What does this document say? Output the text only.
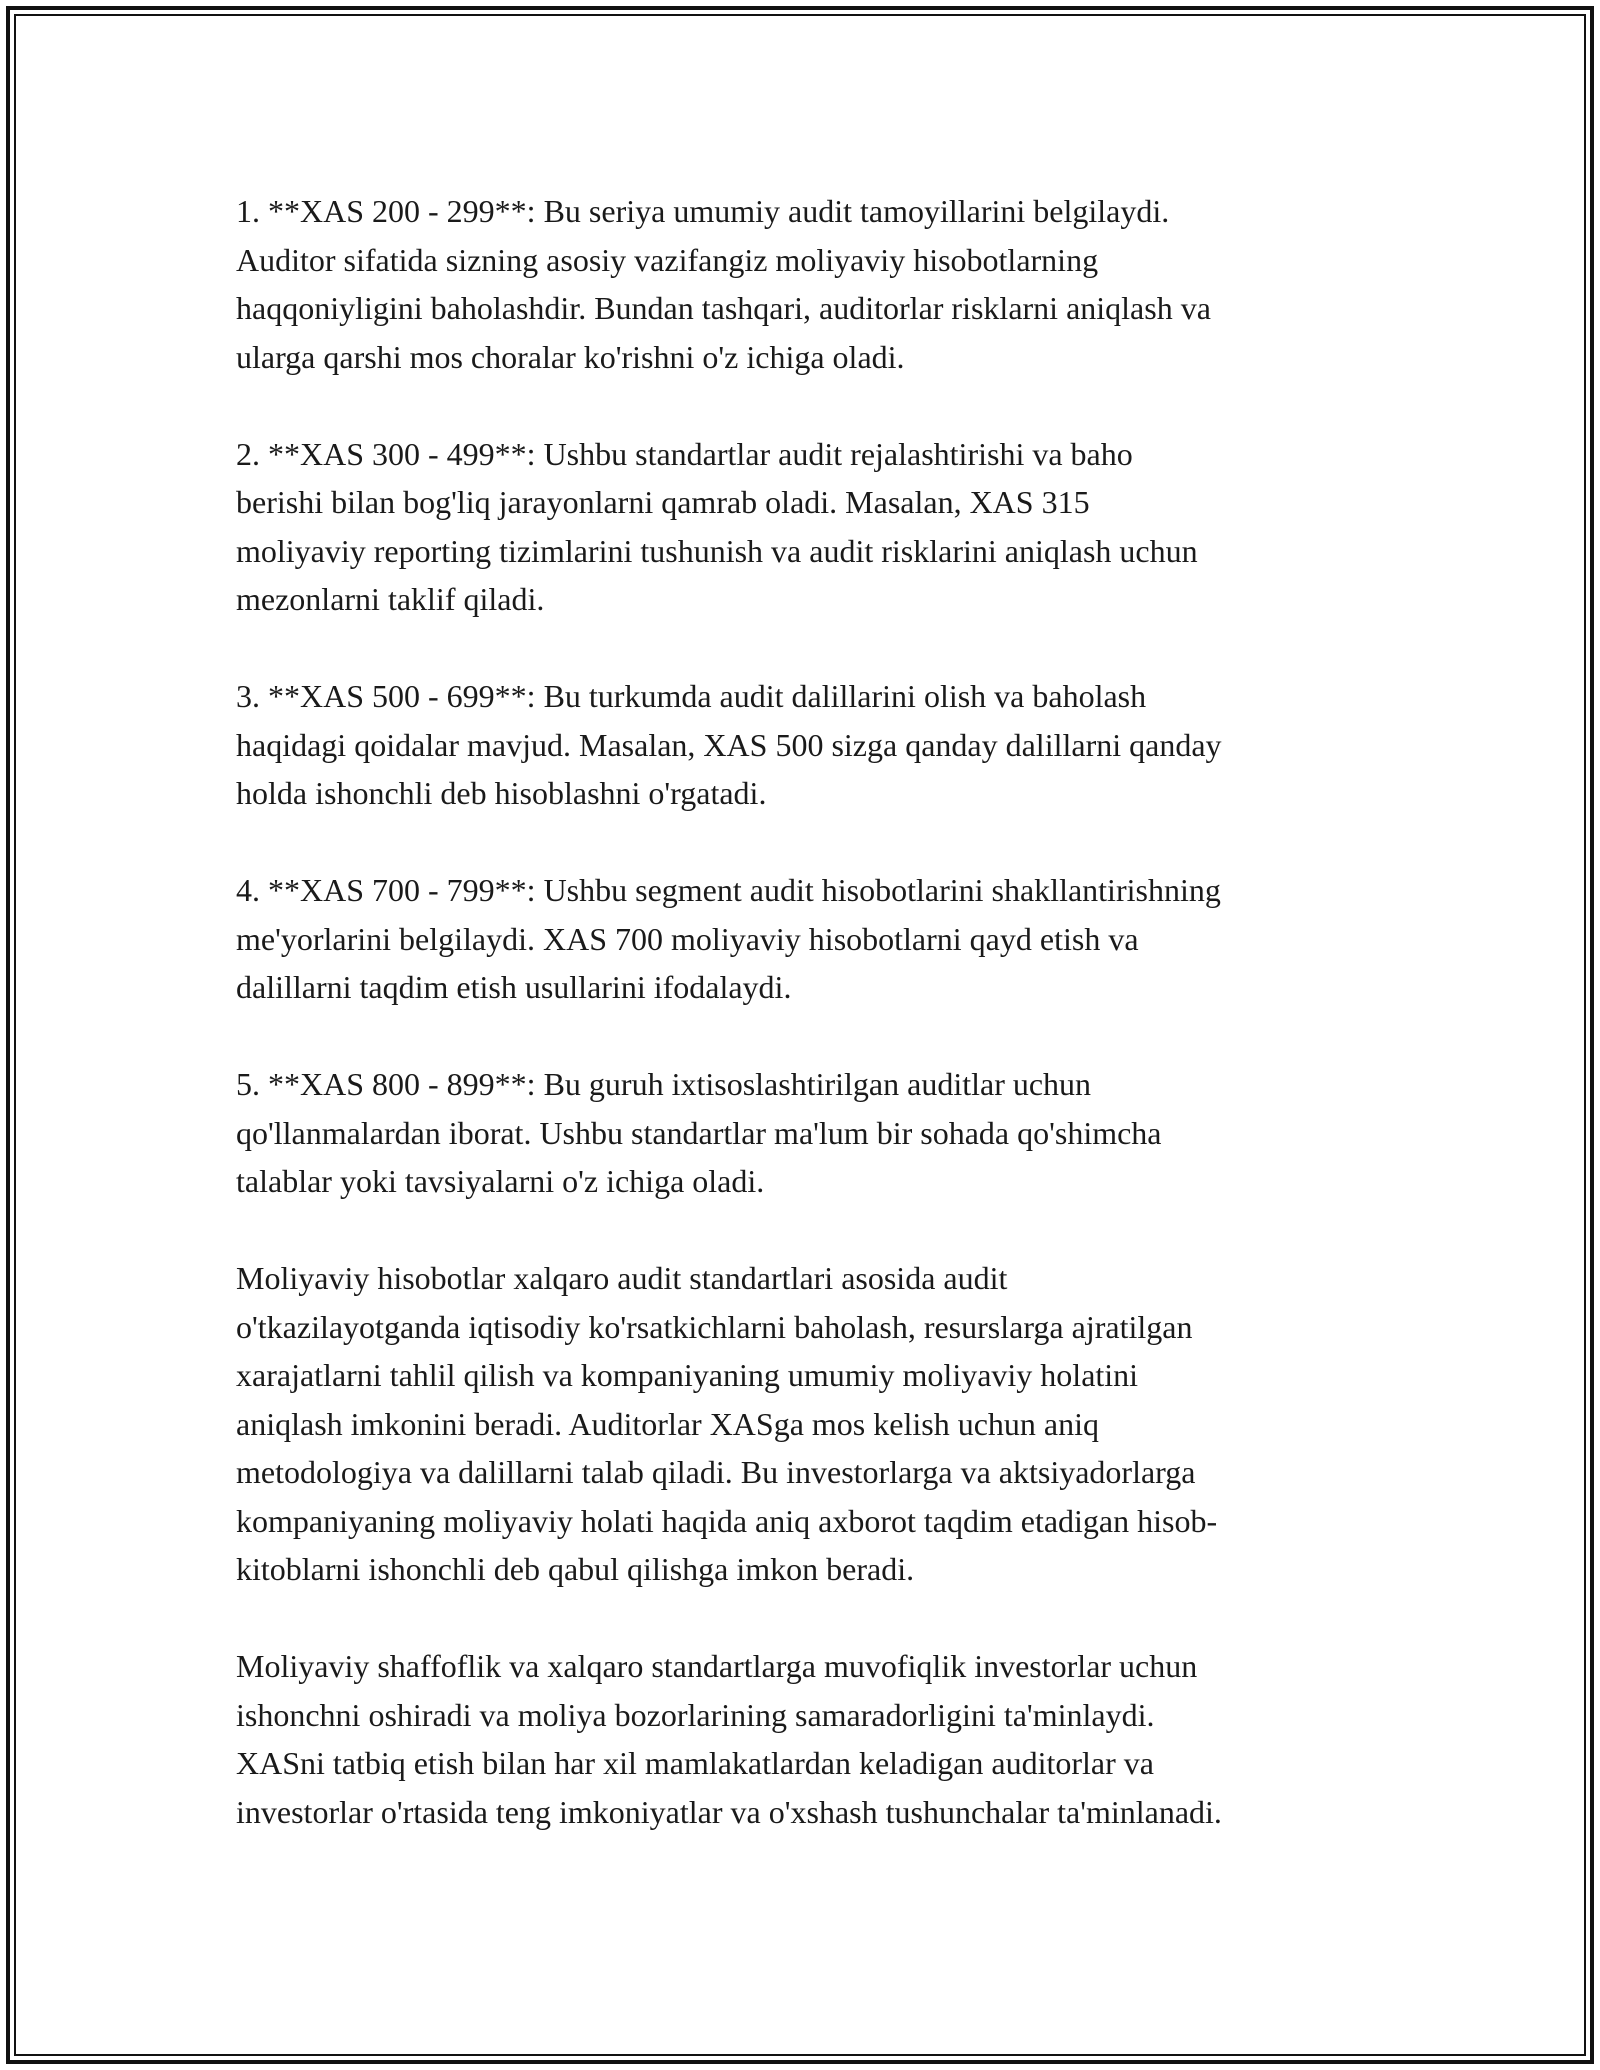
1. **XAS 200 - 299**: Bu seriya umumiy audit tamoyillarini belgilaydi.
Auditor sifatida sizning asosiy vazifangiz moliyaviy hisobotlarning
haqqoniyligini baholashdir. Bundan tashqari, auditorlar risklarni aniqlash va
ularga qarshi mos choralar ko'rishni o'z ichiga oladi.

2. **XAS 300 - 499**: Ushbu standartlar audit rejalashtirishi va baho
berishi bilan bog'liq jarayonlarni qamrab oladi. Masalan, XAS 315
moliyaviy reporting tizimlarini tushunish va audit risklarini aniqlash uchun
mezonlarni taklif qiladi.

3. **XAS 500 - 699**: Bu turkumda audit dalillarini olish va baholash
haqidagi qoidalar mavjud. Masalan, XAS 500 sizga qanday dalillarni qanday
holda ishonchli deb hisoblashni o'rgatadi.

4. **XAS 700 - 799**: Ushbu segment audit hisobotlarini shakllantirishning
me'yorlarini belgilaydi. XAS 700 moliyaviy hisobotlarni qayd etish va
dalillarni taqdim etish usullarini ifodalaydi.

5. **XAS 800 - 899**: Bu guruh ixtisoslashtirilgan auditlar uchun
qo'llanmalardan iborat. Ushbu standartlar ma'lum bir sohada qo'shimcha
talablar yoki tavsiyalarni o'z ichiga oladi.

Moliyaviy hisobotlar xalqaro audit standartlari asosida audit
o'tkazilayotganda iqtisodiy ko'rsatkichlarni baholash, resurslarga ajratilgan
xarajatlarni tahlil qilish va kompaniyaning umumiy moliyaviy holatini
aniqlash imkonini beradi. Auditorlar XASga mos kelish uchun aniq
metodologiya va dalillarni talab qiladi. Bu investorlarga va aktsiyadorlarga
kompaniyaning moliyaviy holati haqida aniq axborot taqdim etadigan hisob-
kitoblarni ishonchli deb qabul qilishga imkon beradi.

Moliyaviy shaffoflik va xalqaro standartlarga muvofiqlik investorlar uchun
ishonchni oshiradi va moliya bozorlarining samaradorligini ta'minlaydi.
XASni tatbiq etish bilan har xil mamlakatlardan keladigan auditorlar va
investorlar o'rtasida teng imkoniyatlar va o'xshash tushunchalar ta'minlanadi.
